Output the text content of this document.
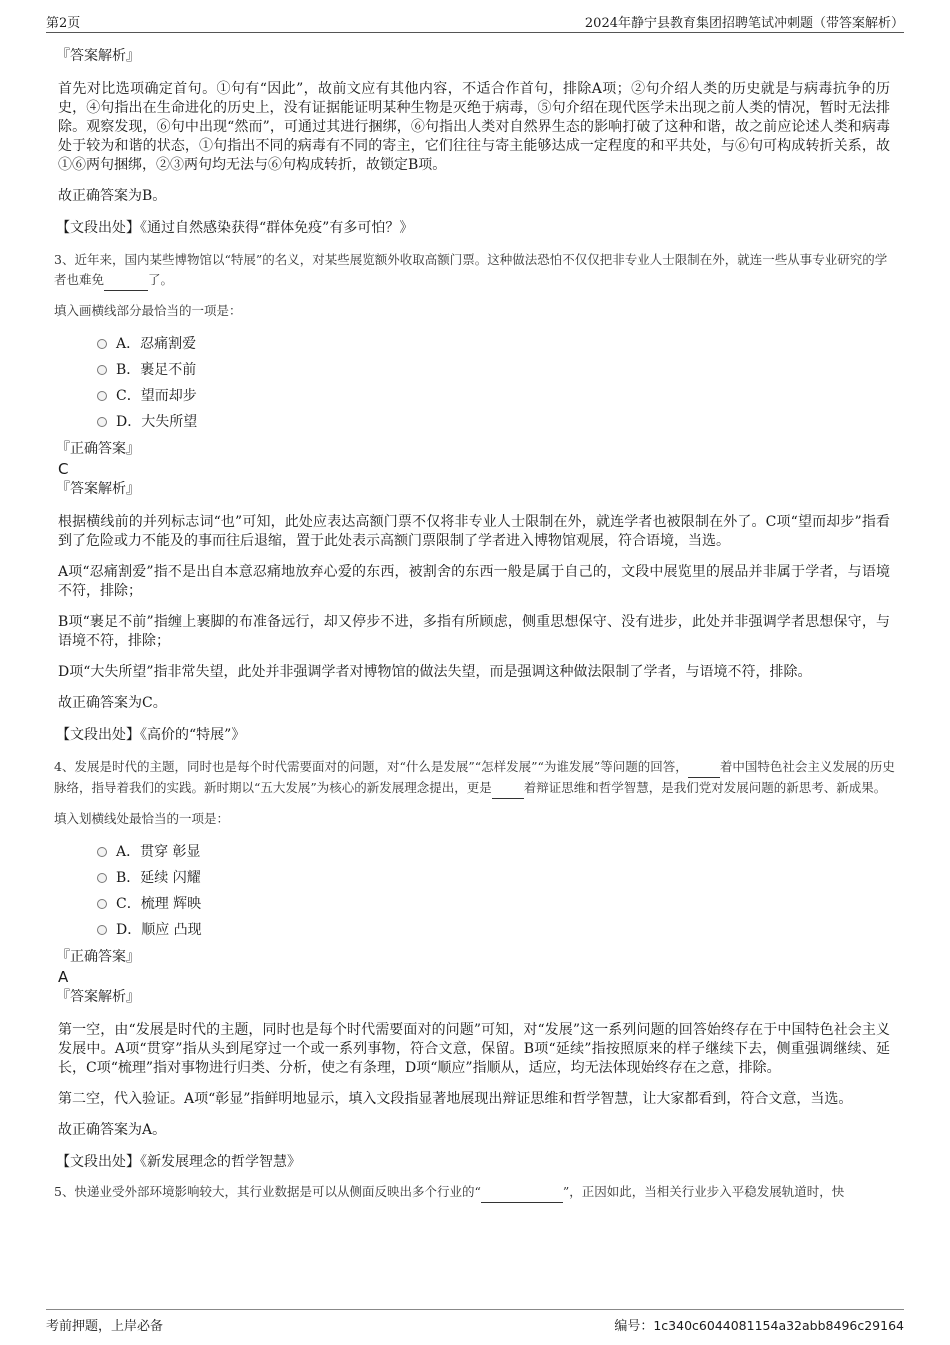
第2页	2024年静宁县教育集团招聘笔试冲刺题（带答案解析）
『答案解析』
首先对比选项确定首句。①句有“因此”，故前文应有其他内容，不适合作首句，排除A项；②句介绍人类的历史就是与病毒抗争的历史，④句指出在生命进化的历史上，没有证据能证明某种生物是灭绝于病毒，⑤句介绍在现代医学未出现之前人类的情况，暂时无法排除。观察发现，⑥句中出现“然而”，可通过其进行捆绑，⑥句指出人类对自然界生态的影响打破了这种和谐，故之前应论述人类和病毒处于较为和谐的状态，①句指出不同的病毒有不同的寄主，它们往往与寄主能够达成一定程度的和平共处，与⑥句可构成转折关系，故①⑥两句捆绑，②③两句均无法与⑥句构成转折，故锁定B项。
故正确答案为B。
【文段出处】《通过自然感染获得“群体免疫”有多可怕？》
3、近年来，国内某些博物馆以“特展”的名义，对某些展览额外收取高额门票。这种做法恐怕不仅仅把非专业人士限制在外，就连一些从事专业研究的学者也难免	了。
填入画横线部分最恰当的一项是：
A．忍痛割爱
B．裹足不前
C．望而却步
D．大失所望
『正确答案』
C
『答案解析』
根据横线前的并列标志词“也”可知，此处应表达高额门票不仅将非专业人士限制在外，就连学者也被限制在外了。C项“望而却步”指看到了危险或力不能及的事而往后退缩，置于此处表示高额门票限制了学者进入博物馆观展，符合语境，当选。
A项“忍痛割爱”指不是出自本意忍痛地放弃心爱的东西，被割舍的东西一般是属于自己的，文段中展览里的展品并非属于学者，与语境不符，排除；
B项“裹足不前”指缠上裹脚的布准备远行，却又停步不进，多指有所顾虑，侧重思想保守、没有进步，此处并非强调学者思想保守，与语境不符，排除；
D项“大失所望”指非常失望，此处并非强调学者对博物馆的做法失望，而是强调这种做法限制了学者，与语境不符，排除。
故正确答案为C。
【文段出处】《高价的“特展”》
4、发展是时代的主题，同时也是每个时代需要面对的问题，对“什么是发展”“怎样发展”“为谁发展”等问题的回答，	着中国特色社会主义发展的历史脉络，指导着我们的实践。新时期以“五大发展”为核心的新发展理念提出，更是	着辩证思维和哲学智慧，是我们党对发展问题的新思考、新成果。
填入划横线处最恰当的一项是：
A．贯穿 彰显
B．延续 闪耀
C．梳理 辉映
D．顺应 凸现
『正确答案』
A
『答案解析』
第一空，由“发展是时代的主题，同时也是每个时代需要面对的问题”可知，对“发展”这一系列问题的回答始终存在于中国特色社会主义发展中。A项“贯穿”指从头到尾穿过一个或一系列事物，符合文意，保留。B项“延续”指按照原来的样子继续下去，侧重强调继续、延长，C项“梳理”指对事物进行归类、分析，使之有条理，D项“顺应”指顺从，适应，均无法体现始终存在之意，排除。
第二空，代入验证。A项“彰显”指鲜明地显示，填入文段指显著地展现出辩证思维和哲学智慧，让大家都看到，符合文意，当选。
故正确答案为A。
【文段出处】《新发展理念的哲学智慧》
5、快递业受外部环境影响较大，其行业数据是可以从侧面反映出多个行业的“	”，正因如此，当相关行业步入平稳发展轨道时，快
考前押题，上岸必备	编号：1c340c6044081154a32abb8496c29164
